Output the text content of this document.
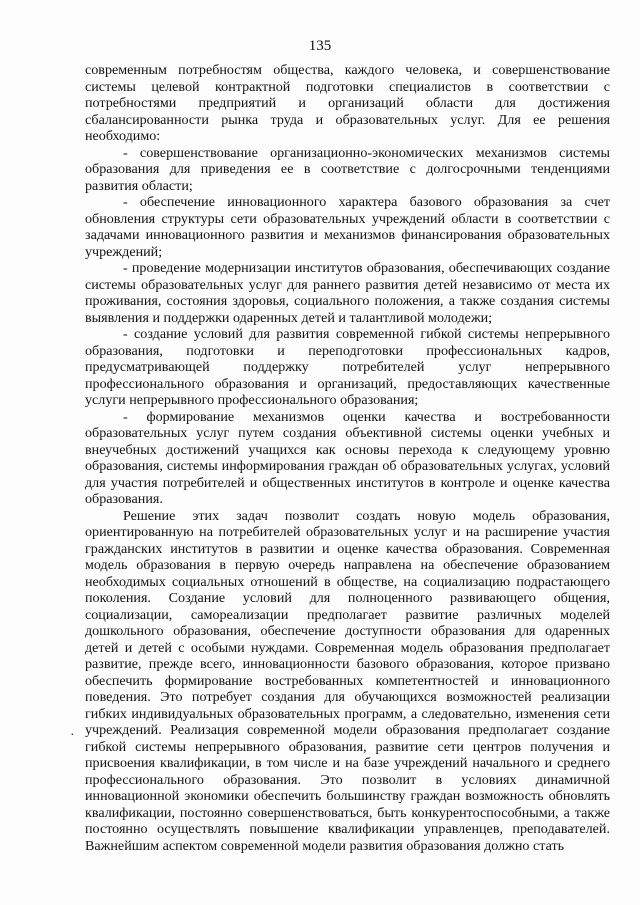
135
·

современным потребностям общества, каждого человека, и совершенствование системы целевой контрактной подготовки специалистов в соответствии с потребностями предприятий и организаций области для достижения сбалансированности рынка труда и образовательных услуг. Для ее решения необходимо:

- совершенствование организационно-экономических механизмов системы образования для приведения ее в соответствие с долгосрочными тенденциями развития области;

- обеспечение инновационного характера базового образования за счет обновления структуры сети образовательных учреждений области в соответствии с задачами инновационного развития и механизмов финансирования образовательных учреждений;

- проведение модернизации институтов образования, обеспечивающих создание системы образовательных услуг для раннего развития детей независимо от места их проживания, состояния здоровья, социального положения, а также создания системы выявления и поддержки одаренных детей и талантливой молодежи;

- создание условий для развития современной гибкой системы непрерывного образования, подготовки и переподготовки профессиональных кадров, предусматривающей поддержку потребителей услуг непрерывного профессионального образования и организаций, предоставляющих качественные услуги непрерывного профессионального образования;

- формирование механизмов оценки качества и востребованности образовательных услуг путем создания объективной системы оценки учебных и внеучебных достижений учащихся как основы перехода к следующему уровню образования, системы информирования граждан об образовательных услугах, условий для участия потребителей и общественных институтов в контроле и оценке качества образования.

Решение этих задач позволит создать новую модель образования, ориентированную на потребителей образовательных услуг и на расширение участия гражданских институтов в развитии и оценке качества образования. Современная модель образования в первую очередь направлена на обеспечение образованием необходимых социальных отношений в обществе, на социализацию подрастающего поколения. Создание условий для полноценного развивающего общения, социализации, самореализации предполагает развитие различных моделей дошкольного образования, обеспечение доступности образования для одаренных детей и детей с особыми нуждами. Современная модель образования предполагает развитие, прежде всего, инновационности базового образования, которое призвано обеспечить формирование востребованных компетентностей и инновационного поведения. Это потребует создания для обучающихся возможностей реализации гибких индивидуальных образовательных программ, а следовательно, изменения сети учреждений. Реализация современной модели образования предполагает создание гибкой системы непрерывного образования, развитие сети центров получения и присвоения квалификации, в том числе и на базе учреждений начального и среднего профессионального образования. Это позволит в условиях динамичной инновационной экономики обеспечить большинству граждан возможность обновлять квалификации, постоянно совершенствоваться, быть конкурентоспособными, а также постоянно осуществлять повышение квалификации управленцев, преподавателей. Важнейшим аспектом современной модели развития образования должно стать
